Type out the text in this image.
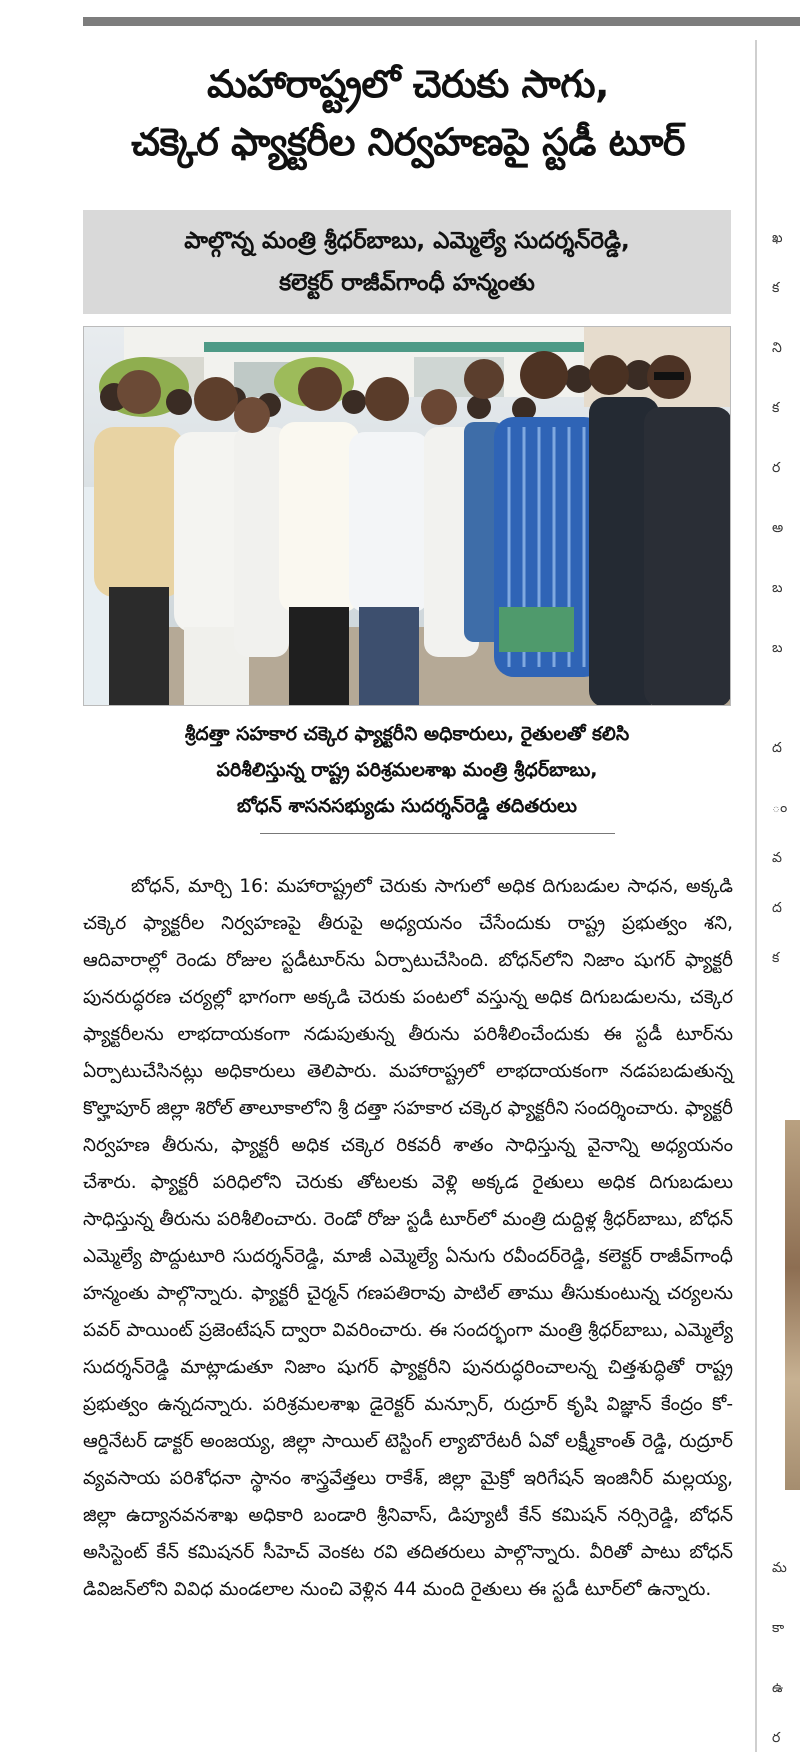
మహారాష్ట్రలో చెరుకు సాగు,
చక్కెర ఫ్యాక్టరీల నిర్వహణపై స్టడీ టూర్
పాల్గొన్న మంత్రి శ్రీధర్‌బాబు, ఎమ్మెల్యే సుదర్శన్‌రెడ్డి,
కలెక్టర్ రాజీవ్‌గాంధీ హన్మంతు
శ్రీదత్తా సహకార చక్కెర ఫ్యాక్టరీని అధికారులు, రైతులతో కలిసి
పరిశీలిస్తున్న రాష్ట్ర పరిశ్రమలశాఖ మంత్రి శ్రీధర్‌బాబు,
బోధన్ శాసనసభ్యుడు సుదర్శన్‌రెడ్డి తదితరులు

బోధన్, మార్చి 16: మహారాష్ట్రలో చెరుకు సాగులో అధిక దిగుబడుల సాధన, అక్కడి చక్కెర ఫ్యాక్టరీల నిర్వహణపై తీరుపై అధ్యయనం చేసేందుకు రాష్ట్ర ప్రభుత్వం శని, ఆదివారాల్లో రెండు రోజుల స్టడీటూర్‌ను ఏర్పాటుచేసింది. బోధన్‌లోని నిజాం షుగర్ ఫ్యాక్టరీ పునరుద్ధరణ చర్యల్లో భాగంగా అక్కడి చెరుకు పంటలో వస్తున్న అధిక దిగుబడులను, చక్కెర ఫ్యాక్టరీలను లాభదాయకంగా నడుపుతున్న తీరును పరిశీలించేందుకు ఈ స్టడీ టూర్‌ను ఏర్పాటుచేసినట్లు అధికారులు తెలిపారు. మహారాష్ట్రలో లాభదాయకంగా నడపబడుతున్న కొల్హాపూర్ జిల్లా శిరోల్ తాలూకాలోని శ్రీ దత్తా సహకార చక్కెర ఫ్యాక్టరీని సందర్శించారు. ఫ్యాక్టరీ నిర్వహణ తీరును, ఫ్యాక్టరీ అధిక చక్కెర రికవరీ శాతం సాధిస్తున్న వైనాన్ని అధ్యయనం చేశారు. ఫ్యాక్టరీ పరిధిలోని చెరుకు తోటలకు వెళ్లి అక్కడ రైతులు అధిక దిగుబడులు సాధిస్తున్న తీరును పరిశీలించారు. రెండో రోజు స్టడీ టూర్‌లో మంత్రి దుద్దిళ్ల శ్రీధర్‌బాబు, బోధన్ ఎమ్మెల్యే పొద్దుటూరి సుదర్శన్‌రెడ్డి, మాజీ ఎమ్మెల్యే ఏనుగు రవీందర్‌రెడ్డి, కలెక్టర్ రాజీవ్‌గాంధీ హన్మంతు పాల్గొన్నారు. ఫ్యాక్టరీ చైర్మన్ గణపతిరావు పాటిల్ తాము తీసుకుంటున్న చర్యలను పవర్ పాయింట్ ప్రజెంటేషన్ ద్వారా వివరించారు. ఈ సందర్భంగా మంత్రి శ్రీధర్‌బాబు, ఎమ్మెల్యే సుదర్శన్‌రెడ్డి మాట్లాడుతూ నిజాం షుగర్ ఫ్యాక్టరీని పునరుద్ధరించాలన్న చిత్తశుద్ధితో రాష్ట్ర ప్రభుత్వం ఉన్నదన్నారు. పరిశ్రమలశాఖ డైరెక్టర్ మన్సూర్, రుద్రూర్ కృషి విజ్ఞాన్ కేంద్రం కో-ఆర్డినేటర్ డాక్టర్ అంజయ్య, జిల్లా సాయిల్ టెస్టింగ్ ల్యాబొరేటరీ ఏవో లక్ష్మీకాంత్ రెడ్డి, రుద్రూర్ వ్యవసాయ పరిశోధనా స్థానం శాస్త్రవేత్తలు రాకేశ్, జిల్లా మైక్రో ఇరిగేషన్ ఇంజినీర్ మల్లయ్య, జిల్లా ఉద్యానవనశాఖ అధికారి బండారి శ్రీనివాస్, డిప్యూటీ కేన్ కమిషన్ నర్సిరెడ్డి, బోధన్ అసిస్టెంట్ కేన్ కమిషనర్ సీహెచ్ వెంకట రవి తదితరులు పాల్గొన్నారు. వీరితో పాటు బోధన్ డివిజన్‌లోని వివిధ మండలాల నుంచి వెళ్లిన 44 మంది రైతులు ఈ స్టడీ టూర్‌లో ఉన్నారు.

ఖ
క
ని
క
ర
అ
బ
బ
ద
ం
వ
ద
క
మ
కా
ఉ
ర
